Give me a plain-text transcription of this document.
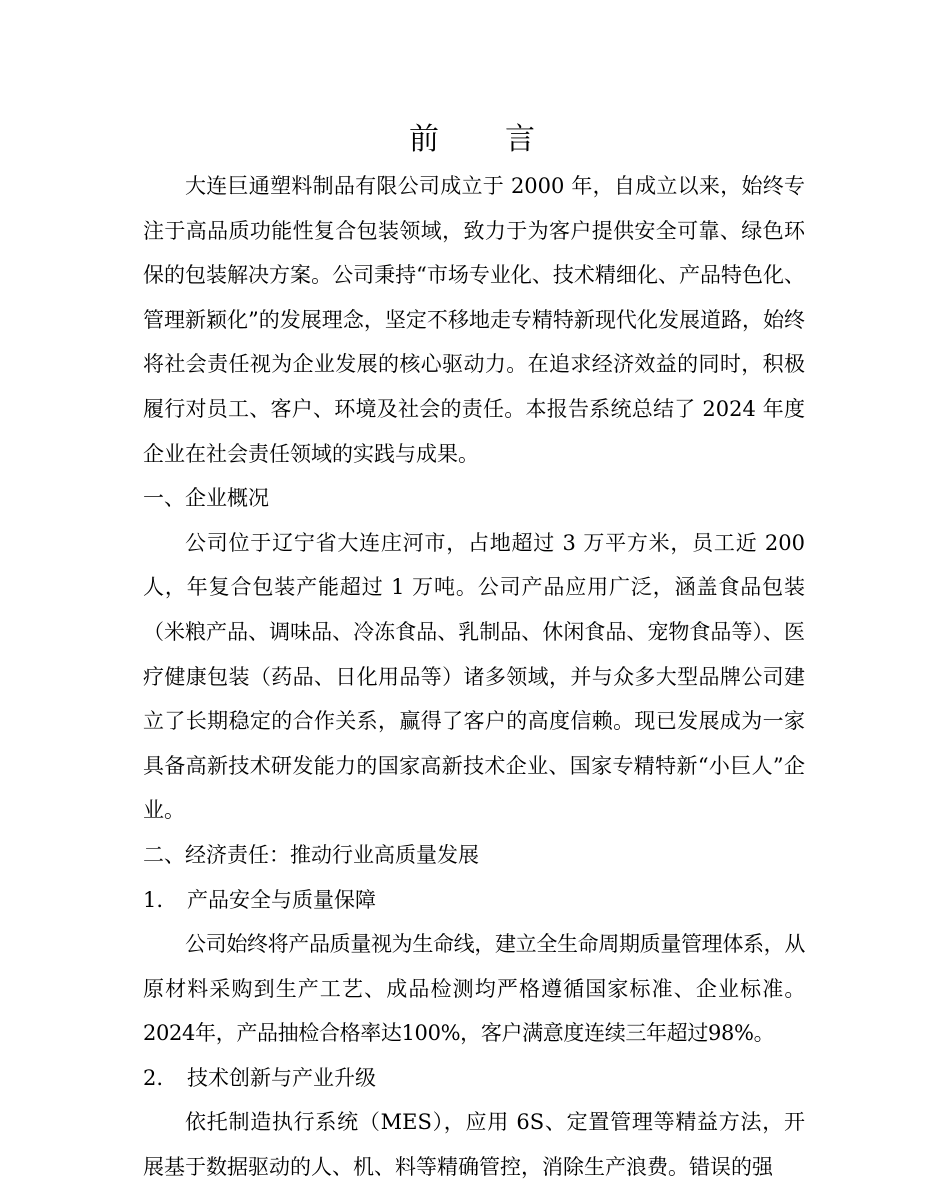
前 言

大连巨通塑料制品有限公司成立于 2000 年，自成立以来，始终专注于高品质功能性复合包装领域，致力于为客户提供安全可靠、绿色环保的包装解决方案。公司秉持“市场专业化、技术精细化、产品特色化、管理新颖化”的发展理念，坚定不移地走专精特新现代化发展道路，始终将社会责任视为企业发展的核心驱动力。在追求经济效益的同时，积极履行对员工、客户、环境及社会的责任。本报告系统总结了 2024 年度企业在社会责任领域的实践与成果。

一、企业概况

公司位于辽宁省大连庄河市，占地超过 3 万平方米，员工近 200 人，年复合包装产能超过 1 万吨。公司产品应用广泛，涵盖食品包装（米粮产品、调味品、冷冻食品、乳制品、休闲食品、宠物食品等）、医疗健康包装（药品、日化用品等）诸多领域，并与众多大型品牌公司建立了长期稳定的合作关系，赢得了客户的高度信赖。现已发展成为一家具备高新技术研发能力的国家高新技术企业、国家专精特新“小巨人”企业。

二、经济责任：推动行业高质量发展

1. 产品安全与质量保障

公司始终将产品质量视为生命线，建立全生命周期质量管理体系，从原材料采购到生产工艺、成品检测均严格遵循国家标准、企业标准。2024年，产品抽检合格率达100%，客户满意度连续三年超过98%。

2. 技术创新与产业升级

依托制造执行系统（MES），应用 6S、定置管理等精益方法，开展基于数据驱动的人、机、料等精确管控，消除生产浪费。错误的强
